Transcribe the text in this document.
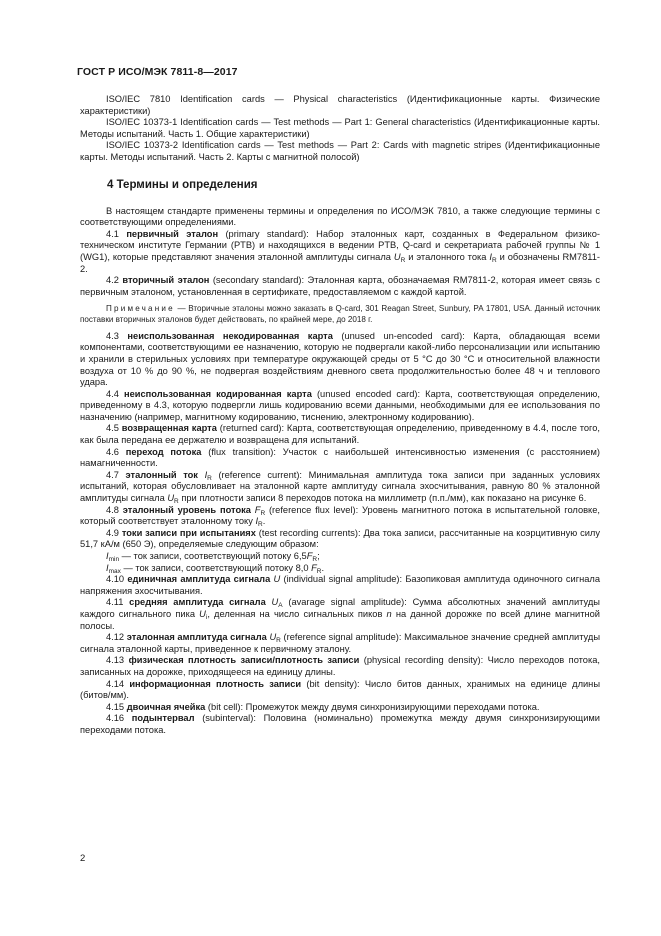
ГОСТ Р ИСО/МЭК 7811-8—2017

ISO/IEC 7810 Identification cards — Physical characteristics (Идентификационные карты. Физические характеристики)

ISO/IEC 10373-1 Identification cards — Test methods — Part 1: General characteristics (Идентификационные карты. Методы испытаний. Часть 1. Общие характеристики)

ISO/IEC 10373-2 Identification cards — Test methods — Part 2: Cards with magnetic stripes (Идентификационные карты. Методы испытаний. Часть 2. Карты с магнитной полосой)

4 Термины и определения

В настоящем стандарте применены термины и определения по ИСО/МЭК 7810, а также следующие термины с соответствующими определениями.

4.1 первичный эталон (primary standard): Набор эталонных карт, созданных в Федеральном физико-техническом институте Германии (PTB) и находящихся в ведении PTB, Q-card и секретариата рабочей группы № 1 (WG1), которые представляют значения эталонной амплитуды сигнала $U_R$ и эталонного тока $I_R$ и обозначены RM7811-2.

4.2 вторичный эталон (secondary standard): Эталонная карта, обозначаемая RM7811-2, которая имеет связь с первичным эталоном, установленная в сертификате, предоставляемом с каждой картой.

Примечание — Вторичные эталоны можно заказать в Q-card, 301 Reagan Street, Sunbury, PA 17801, USA. Данный источник поставки вторичных эталонов будет действовать, по крайней мере, до 2018 г.

4.3 неиспользованная некодированная карта (unused un-encoded card): Карта, обладающая всеми компонентами, соответствующими ее назначению, которую не подвергали какой-либо персонализации или испытанию и хранили в стерильных условиях при температуре окружающей среды от 5 °С до 30 °С и относительной влажности воздуха от 10 % до 90 %, не подвергая воздействиям дневного света продолжительностью более 48 ч и теплового удара.

4.4 неиспользованная кодированная карта (unused encoded card): Карта, соответствующая определению, приведенному в 4.3, которую подвергли лишь кодированию всеми данными, необходимыми для ее использования по назначению (например, магнитному кодированию, тиснению, электронному кодированию).

4.5 возвращенная карта (returned card): Карта, соответствующая определению, приведенному в 4.4, после того, как была передана ее держателю и возвращена для испытаний.

4.6 переход потока (flux transition): Участок с наибольшей интенсивностью изменения (с расстоянием) намагниченности.

4.7 эталонный ток $I_R$ (reference current): Минимальная амплитуда тока записи при заданных условиях испытаний, которая обусловливает на эталонной карте амплитуду сигнала эхосчитывания, равную 80 % эталонной амплитуды сигнала $U_R$ при плотности записи 8 переходов потока на миллиметр (п.п./мм), как показано на рисунке 6.

4.8 эталонный уровень потока $F_R$ (reference flux level): Уровень магнитного потока в испытательной головке, который соответствует эталонному току $I_R$.

4.9 токи записи при испытаниях (test recording currents): Два тока записи, рассчитанные на коэрцитивную силу 51,7 кА/м (650 Э), определяемые следующим образом:

$I_{min}$ — ток записи, соответствующий потоку $6,5F_R$;

$I_{max}$ — ток записи, соответствующий потоку 8,0 $F_R$.

4.10 единичная амплитуда сигнала U (individual signal amplitude): Базопиковая амплитуда одиночного сигнала напряжения эхосчитывания.

4.11 средняя амплитуда сигнала $U_A$ (avarage signal amplitude): Сумма абсолютных значений амплитуды каждого сигнального пика $U_i$, деленная на число сигнальных пиков n на данной дорожке по всей длине магнитной полосы.

4.12 эталонная амплитуда сигнала $U_R$ (reference signal amplitude): Максимальное значение средней амплитуды сигнала эталонной карты, приведенное к первичному эталону.

4.13 физическая плотность записи/плотность записи (physical recording density): Число переходов потока, записанных на дорожке, приходящееся на единицу длины.

4.14 информационная плотность записи (bit density): Число битов данных, хранимых на единице длины (битов/мм).

4.15 двоичная ячейка (bit cell): Промежуток между двумя синхронизирующими переходами потока.

4.16 подынтервал (subinterval): Половина (номинально) промежутка между двумя синхронизирующими переходами потока.

2
